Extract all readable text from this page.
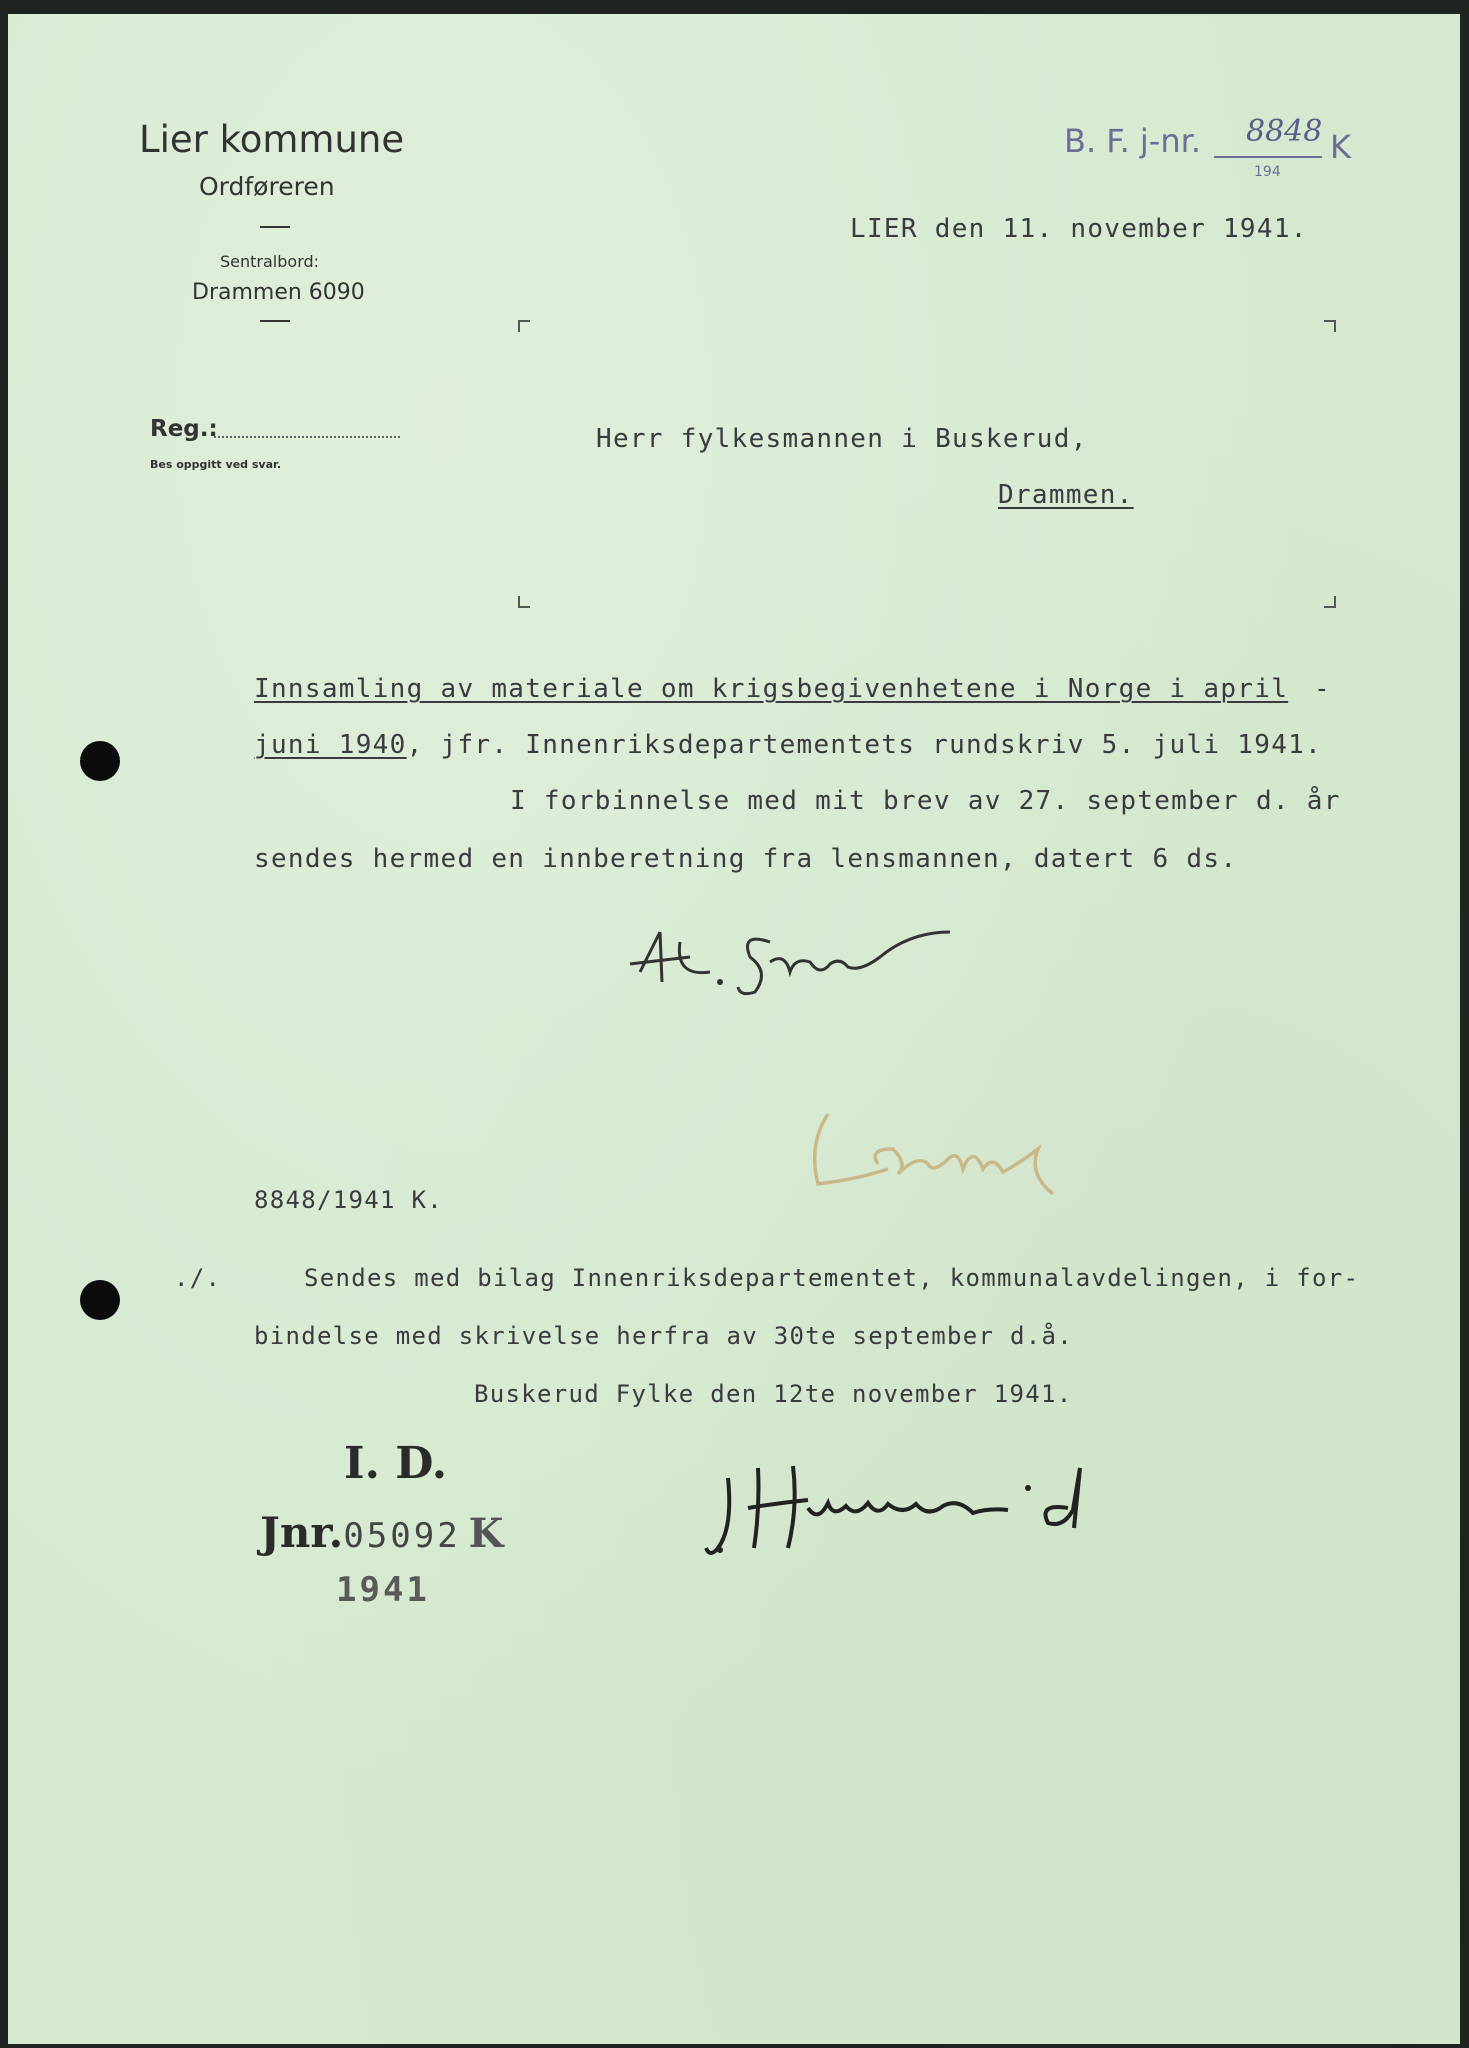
Lier kommune
Ordføreren
Sentralbord:
Drammen 6090
Reg.:
Bes oppgitt ved svar.
B. F. j-nr. 8848 K
194
LIER den 11. november 1941.
Herr fylkesmannen i Buskerud,
Drammen.
Innsamling av materiale om krigsbegivenhetene i Norge i april -
juni 1940, jfr. Innenriksdepartementets rundskriv 5. juli 1941.
I forbinnelse med mit brev av 27. september d. år
sendes hermed en innberetning fra lensmannen, datert 6 ds.
8848/1941 K.
./.	Sendes med bilag Innenriksdepartementet, kommunalavdelingen, i for-
bindelse med skrivelse herfra av 30te september d.å.
Buskerud Fylke den 12te november 1941.
I. D.
Jnr.05092 K
1941
